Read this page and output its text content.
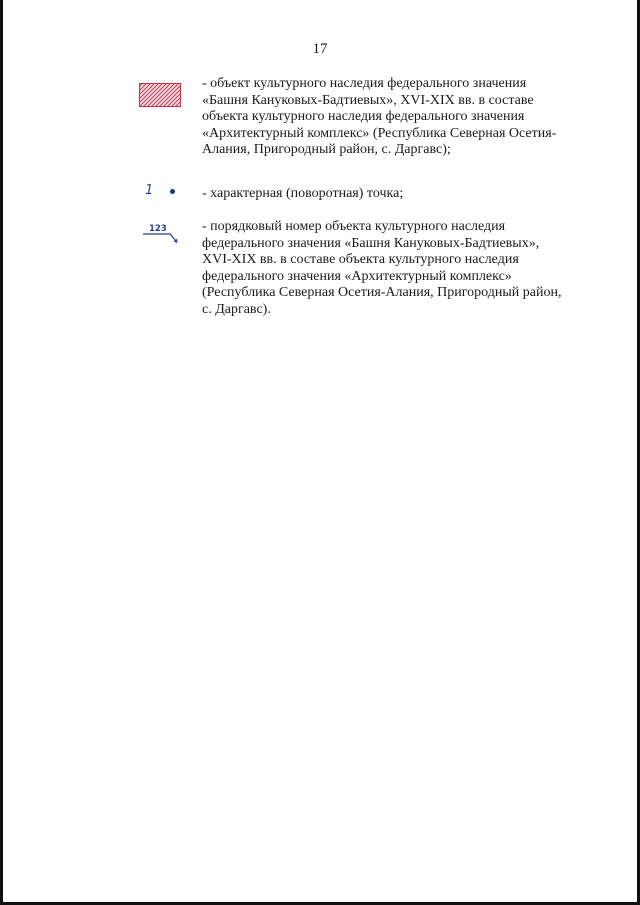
17
- объект культурного наследия федерального значения
«Башня Кануковых-Бадтиевых», XVI-XIX вв. в составе
объекта культурного наследия федерального значения
«Архитектурный комплекс» (Республика Северная Осетия-
Алания, Пригородный район, с. Даргавс);
1	- характерная (поворотная) точка;
123	- порядковый номер объекта культурного наследия
федерального значения «Башня Кануковых-Бадтиевых»,
XVI-XIX вв. в составе объекта культурного наследия
федерального значения «Архитектурный комплекс»
(Республика Северная Осетия-Алания, Пригородный район,
с. Даргавс).
